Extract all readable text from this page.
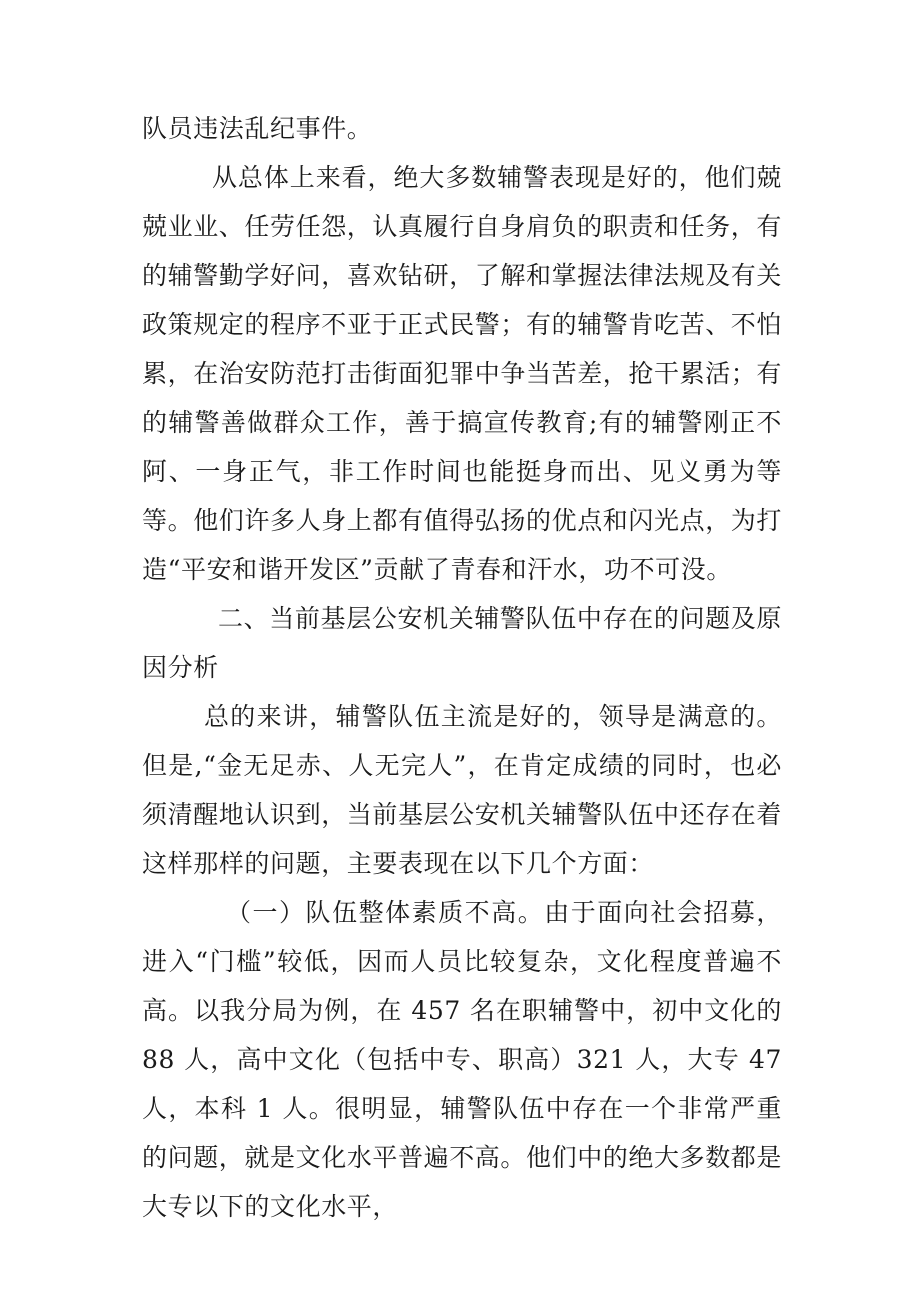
队员违法乱纪事件。

从总体上来看，绝大多数辅警表现是好的，他们兢兢业业、任劳任怨，认真履行自身肩负的职责和任务，有的辅警勤学好问，喜欢钻研，了解和掌握法律法规及有关政策规定的程序不亚于正式民警；有的辅警肯吃苦、不怕累，在治安防范打击街面犯罪中争当苦差，抢干累活；有的辅警善做群众工作，善于搞宣传教育;有的辅警刚正不阿、一身正气，非工作时间也能挺身而出、见义勇为等等。他们许多人身上都有值得弘扬的优点和闪光点，为打造“平安和谐开发区”贡献了青春和汗水，功不可没。

二、当前基层公安机关辅警队伍中存在的问题及原因分析

总的来讲，辅警队伍主流是好的，领导是满意的。但是,“金无足赤、人无完人”，在肯定成绩的同时，也必须清醒地认识到，当前基层公安机关辅警队伍中还存在着这样那样的问题，主要表现在以下几个方面：

（一）队伍整体素质不高。由于面向社会招募，进入“门槛”较低，因而人员比较复杂，文化程度普遍不高。以我分局为例，在 457 名在职辅警中，初中文化的 88 人，高中文化（包括中专、职高）321 人，大专 47 人，本科 1 人。很明显，辅警队伍中存在一个非常严重的问题，就是文化水平普遍不高。他们中的绝大多数都是大专以下的文化水平，
